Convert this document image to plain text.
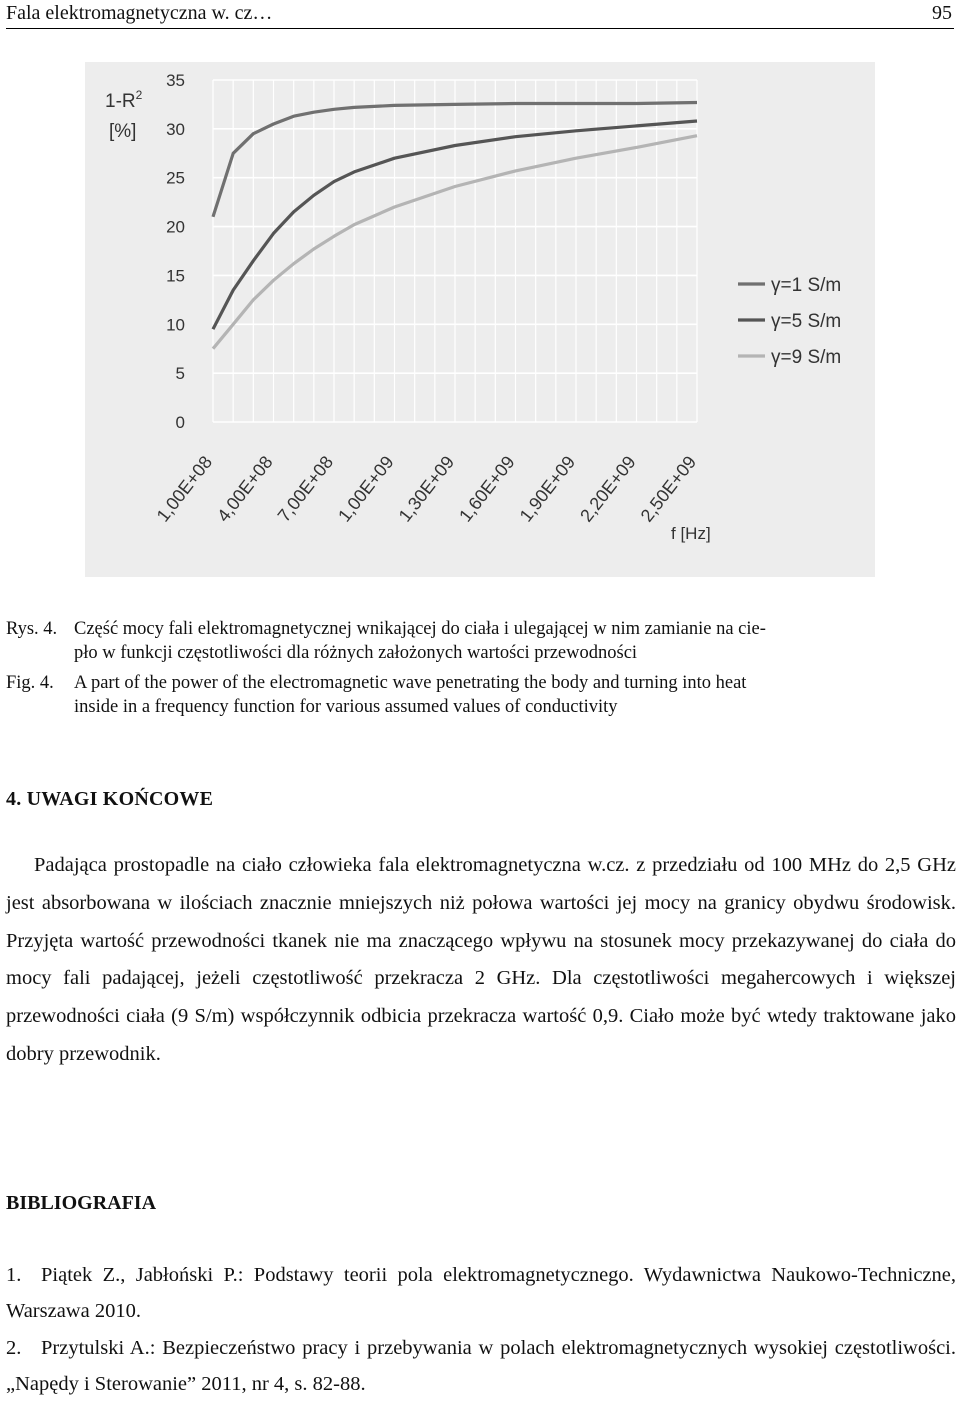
Fala elektromagnetyczna w. cz…	95
0
5
10
15
20
25
30
35
1,00E+08
4,00E+08
7,00E+08
1,00E+09
1,30E+09
1,60E+09
1,90E+09
2,20E+09
2,50E+09
γ=1 S/m
γ=5 S/m
γ=9 S/m
$1-R^2$
[%]
f [Hz]

Rys. 4. Część mocy fali elektromagnetycznej wnikającej do ciała i ulegającej w nim zamianie na cie-
pło w funkcji częstotliwości dla różnych założonych wartości przewodności

Fig. 4. A part of the power of the electromagnetic wave penetrating the body and turning into heat
inside in a frequency function for various assumed values of conductivity

4. UWAGI KOŃCOWE

Padająca prostopadle na ciało człowieka fala elektromagnetyczna w.cz. z przedziału od 100 MHz do 2,5 GHz jest absorbowana w ilościach znacznie mniejszych niż połowa wartości jej mocy na granicy obydwu środowisk. Przyjęta wartość przewodności tkanek nie ma znaczącego wpływu na stosunek mocy przekazywanej do ciała do mocy fali padającej, jeżeli częstotliwość przekracza 2 GHz. Dla częstotliwości megahercowych i większej przewodności ciała (9 S/m) współczynnik odbicia przekracza wartość 0,9. Ciało może być wtedy traktowane jako dobry przewodnik.

BIBLIOGRAFIA
1. Piątek Z., Jabłoński P.: Podstawy teorii pola elektromagnetycznego. Wydawnictwa Naukowo-Techniczne, Warszawa 2010.
2. Przytulski A.: Bezpieczeństwo pracy i przebywania w polach elektromagnetycznych wysokiej częstotliwości. „Napędy i Sterowanie” 2011, nr 4, s. 82-88.
